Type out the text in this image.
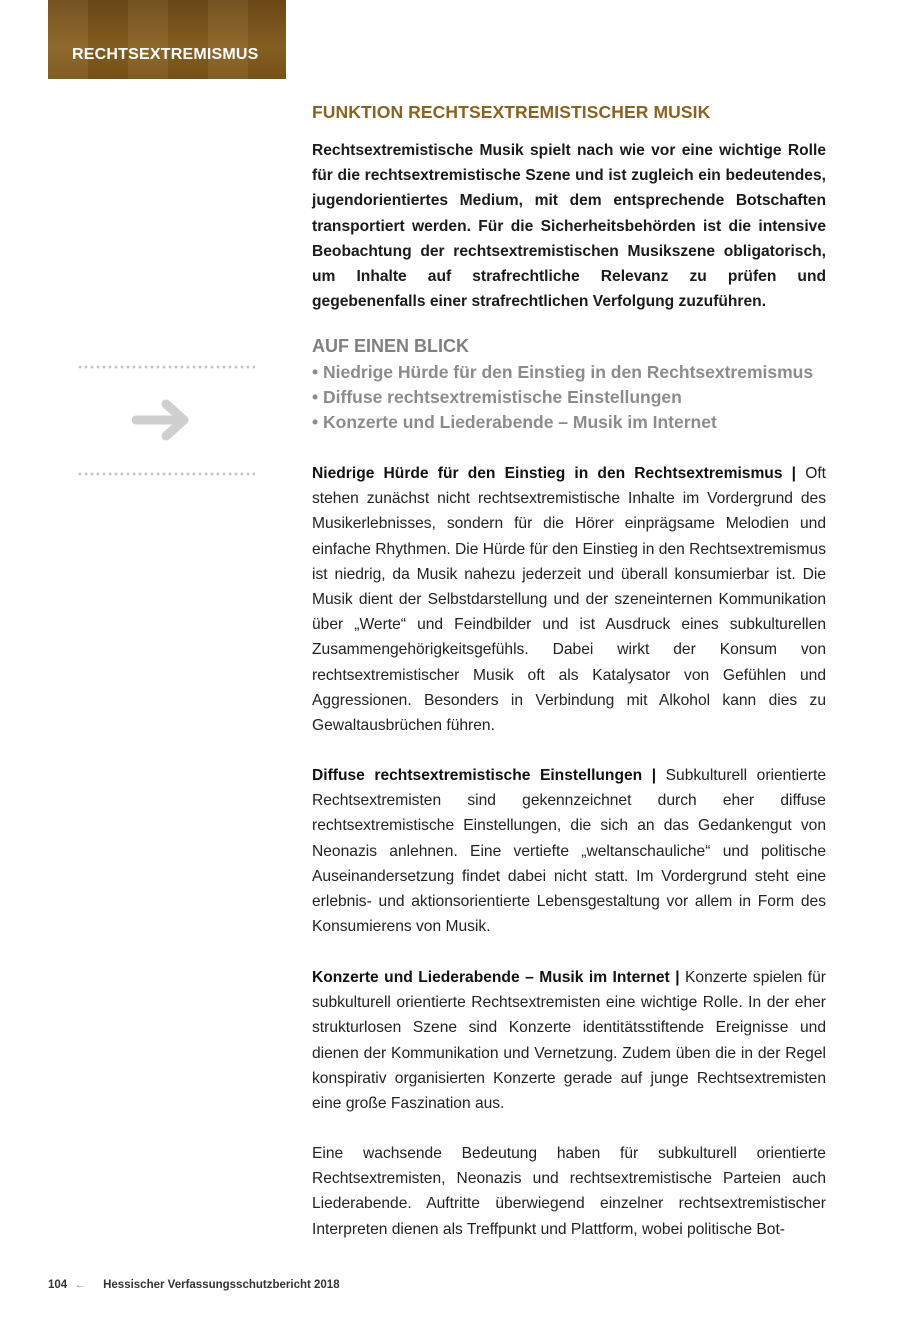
RECHTSEXTREMISMUS
FUNKTION RECHTSEXTREMISTISCHER MUSIK

Rechtsextremistische Musik spielt nach wie vor eine wichtige Rolle für die rechtsextremistische Szene und ist zugleich ein bedeutendes, jugendorientiertes Medium, mit dem entsprechende Botschaften transportiert werden. Für die Sicherheitsbehörden ist die intensive Beobachtung der rechtsextremistischen Musikszene obligatorisch, um Inhalte auf strafrechtliche Relevanz zu prüfen und gegebenenfalls einer strafrechtlichen Verfolgung zuzuführen.

AUF EINEN BLICK
• Niedrige Hürde für den Einstieg in den Rechtsextremismus
• Diffuse rechtsextremistische Einstellungen
• Konzerte und Liederabende – Musik im Internet

Niedrige Hürde für den Einstieg in den Rechtsextremismus | Oft stehen zunächst nicht rechtsextremistische Inhalte im Vordergrund des Musikerlebnisses, sondern für die Hörer einprägsame Melodien und einfache Rhythmen. Die Hürde für den Einstieg in den Rechtsextremismus ist niedrig, da Musik nahezu jederzeit und überall konsumierbar ist. Die Musik dient der Selbstdarstellung und der szeneinternen Kommunikation über „Werte“ und Feindbilder und ist Ausdruck eines subkulturellen Zusammengehörigkeitsgefühls. Dabei wirkt der Konsum von rechtsextremistischer Musik oft als Katalysator von Gefühlen und Aggressionen. Besonders in Verbindung mit Alkohol kann dies zu Gewaltausbrüchen führen.

Diffuse rechtsextremistische Einstellungen | Subkulturell orientierte Rechtsextremisten sind gekennzeichnet durch eher diffuse rechtsextremistische Einstellungen, die sich an das Gedankengut von Neonazis anlehnen. Eine vertiefte „weltanschauliche“ und politische Auseinandersetzung findet dabei nicht statt. Im Vordergrund steht eine erlebnis- und aktionsorientierte Lebensgestaltung vor allem in Form des Konsumierens von Musik.

Konzerte und Liederabende – Musik im Internet | Konzerte spielen für subkulturell orientierte Rechtsextremisten eine wichtige Rolle. In der eher strukturlosen Szene sind Konzerte identitätsstiftende Ereignisse und dienen der Kommunikation und Vernetzung. Zudem üben die in der Regel konspirativ organisierten Konzerte gerade auf junge Rechtsextremisten eine große Faszination aus.

Eine wachsende Bedeutung haben für subkulturell orientierte Rechtsextremisten, Neonazis und rechtsextremistische Parteien auch Liederabende. Auftritte überwiegend einzelner rechtsextremistischer Interpreten dienen als Treffpunkt und Plattform, wobei politische Bot-

104 ← Hessischer Verfassungsschutzbericht 2018
